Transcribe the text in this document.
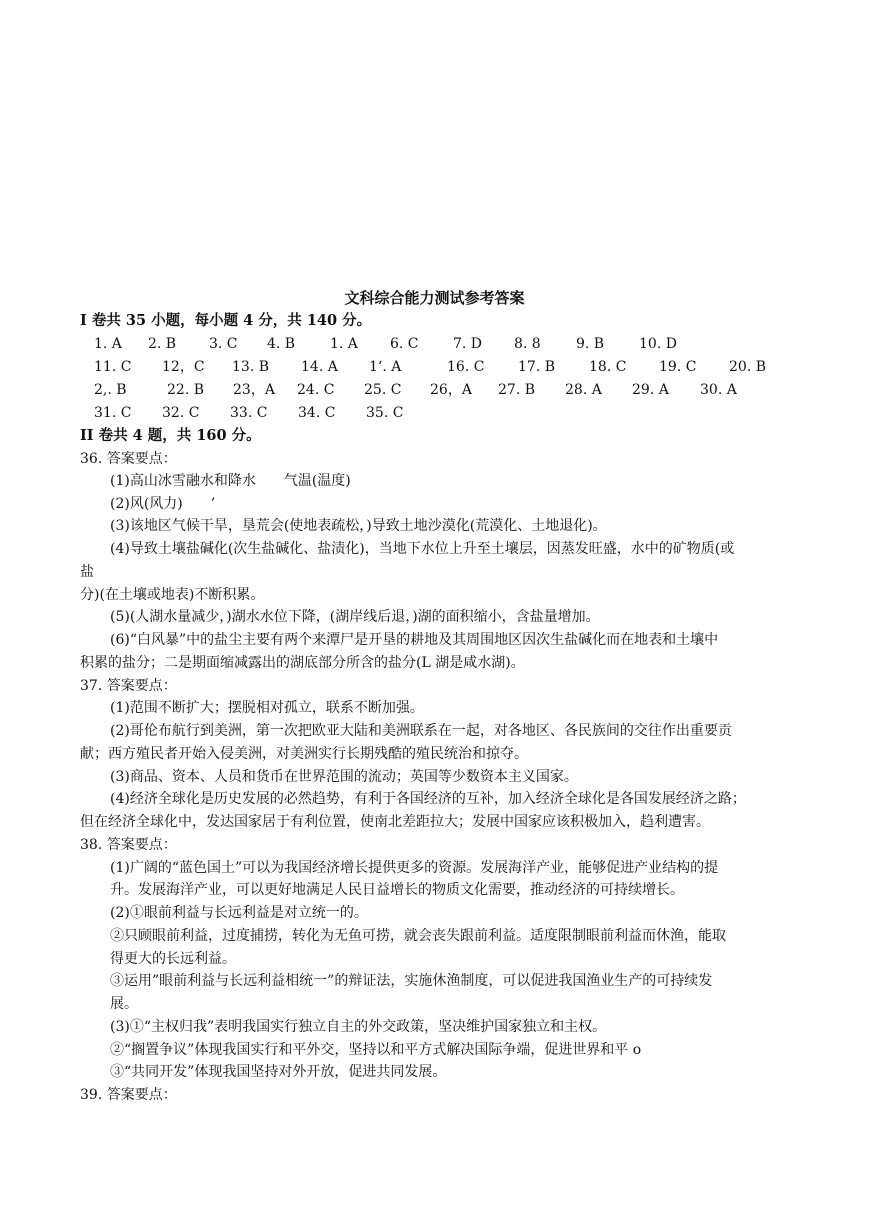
文科综合能力测试参考答案
I 卷共 35 小题，每小题 4 分，共 140 分。
1. A	2. B	3. C	4. B	1. A	6. C	7. D	8. 8	9. B	10. D
11. C	12，C	13. B	14. A	1‘. A	16. C	17. B	18. C	19. C	20. B
2,. B	22. B	23，A	24. C	25. C	26，A	27. B	28. A	29. A	30. A
31. C	32. C	33. C	34. C	35. C
II 卷共 4 题，共 160 分。
36. 答案要点：
(1)高山冰雪融水和降水　　气温(温度)
(2)风(风力)　　’
(3)该地区气候干旱，垦荒会(使地表疏松，)导致土地沙漠化(荒漠化、土地退化)。
(4)导致土壤盐碱化(次生盐碱化、盐渍化)，当地下水位上升至土壤层，因蒸发旺盛，水中的矿物质(或
盐
分)(在土壤或地表)不断积累。
(5)(人湖水量减少，)湖水水位下降，(湖岸线后退，)湖的面积缩小，含盐量增加。
(6)“白风暴”中的盐尘主要有两个来潭尸是开垦的耕地及其周围地区因次生盐碱化而在地表和土壤中
积累的盐分；二是期面缩减露出的湖底部分所含的盐分(L 湖是咸水湖)。
37. 答案要点：
(1)范围不断扩大；摆脱相对孤立，联系不断加强。
(2)哥伦布航行到美洲，第一次把欧亚大陆和美洲联系在一起，对各地区、各民族间的交往作出重要贡
献；西方殖民者开始入侵美洲，对美洲实行长期残酷的殖民统治和掠夺。
(3)商品、资本、人员和货币在世界范围的流动；英国等少数资本主义国家。
(4)经济全球化是历史发展的必然趋势，有利于各国经济的互补，加入经济全球化是各国发展经济之路；
但在经济全球化中，发达国家居于有利位置，使南北差距拉大；发展中国家应该积极加入，趋利遭害。
38. 答案要点：
(1)广阔的“蓝色国土”可以为我国经济增长提供更多的资源。发展海洋产业，能够促进产业结构的提
升。发展海洋产业，可以更好地满足人民日益增长的物质文化需要，推动经济的可持续增长。
(2)①眼前利益与长远利益是对立统一的。
②只顾眼前利益，过度捕捞，转化为无鱼可捞，就会丧失跟前利益。适度限制眼前利益而休渔，能取
得更大的长远利益。
③运用”眼前利益与长远利益相统一”的辩证法，实施休渔制度，可以促进我国渔业生产的可持续发
展。
(3)①“主权归我”表明我国实行独立自主的外交政策，坚决维护国家独立和主权。
②“搁置争议”体现我国实行和平外交，坚持以和平方式解决国际争端，促进世界和平 o
③“共同开发”体现我国坚持对外开放，促进共同发展。
39. 答案要点：
